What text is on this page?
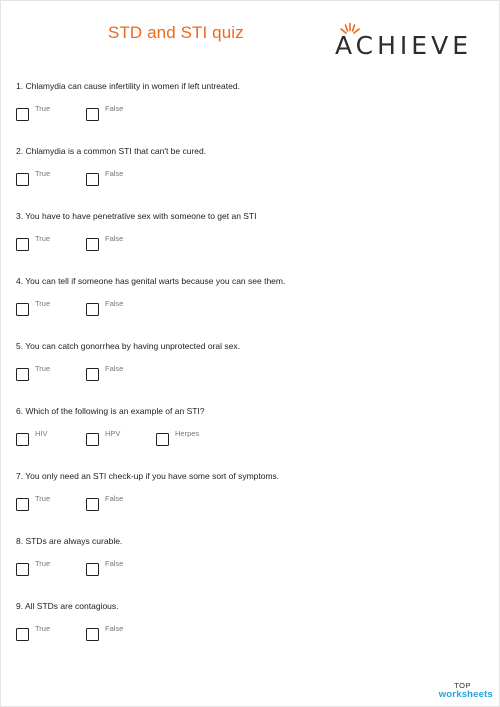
STD and STI quiz	ACHIEVE
1. Chlamydia can cause infertility in women if left untreated.
True	False
2. Chlamydia is a common STI that can't be cured.
True	False
3. You have to have penetrative sex with someone to get an STI
True	False
4. You can tell if someone has genital warts because you can see them.
True	False
5. You can catch gonorrhea by having unprotected oral sex.
True	False
6. Which of the following is an example of an STI?
HIV	HPV	Herpes
7. You only need an STI check-up if you have some sort of symptoms.
True	False
8. STDs are always curable.
True	False
9. All STDs are contagious.
True	False
TOP
worksheets
